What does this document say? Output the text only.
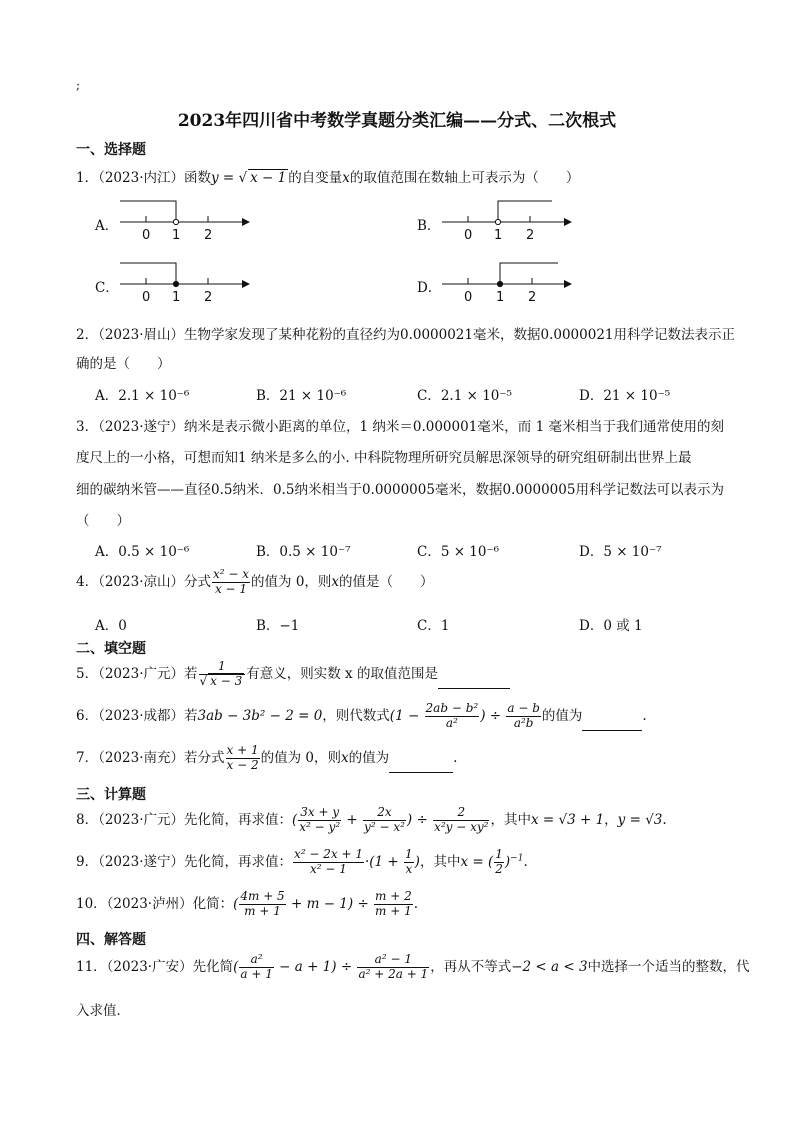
;
2023年四川省中考数学真题分类汇编——分式、二次根式
一、选择题
1．（2023·内江）函数y = √ x − 1 的自变量x的取值范围在数轴上可表示为（　　）
A．
0 1 2
B．
0 1 2
C．
0 1 2
D．
0 1 2
2．（2023·眉山）生物学家发现了某种花粉的直径约为0.0000021毫米，数据0.0000021用科学记数法表示正
确的是（　　）
A．2.1 × 10⁻⁶	B．21 × 10⁻⁶	C．2.1 × 10⁻⁵	D．21 × 10⁻⁵
3．（2023·遂宁）纳米是表示微小距离的单位，1 纳米＝0.000001毫米，而 1 毫米相当于我们通常使用的刻
度尺上的一小格，可想而知1 纳米是多么的小. 中科院物理所研究员解思深领导的研究组研制出世界上最
细的碳纳米管——直径0.5纳米．0.5纳米相当于0.0000005毫米，数据0.0000005用科学记数法可以表示为
（　　）
A．0.5 × 10⁻⁶	B．0.5 × 10⁻⁷	C．5 × 10⁻⁶	D．5 × 10⁻⁷
4．（2023·凉山）分式 $\frac{\text{x² − x}}{x - 1}$ 的值为 0，则x的值是（　　）
A．0	B．−1	C．1	D．0 或 1
二、填空题
5．（2023·广元）若 $\frac{1}{√ x - 3}$ 有意义，则实数 x 的取值范围是
6．（2023·成都）若3ab − 3b² − 2 = 0，则代数式($1 - \frac{\text{2ab − b²}}{\text{a²}}$ ) ÷ $\frac{a - b}{\text{a²b}}$ 的值为	.
7．（2023·南充）若分式 $\frac{x + 1}{x - 2}$ 的值为 0，则x的值为	.
三、计算题
8．（2023·广元）先化简，再求值：( $\frac{3x + y}{\text{x² − y²}} + \frac{2x}{\text{y² − x²}}$ ) ÷ $\frac{2}{\text{x²y − xy²}}$ ，其中x = √3 + 1，y = √3.
9．（2023·遂宁）先化简，再求值： $\frac{\text{x² − 2x + 1}}{\text{x² − 1}} \cdot(1 + \frac{1}{x}$ )，其中x = ( $\frac{1}{2} )^{-1}$.
10．（2023·泸州）化简：( $\frac{4m + 5}{m + 1} + m - 1) \div \frac{m + 2}{m + 1}$ .
四、解答题
11．（2023·广安）先化简( $\frac{\text{a²}}{a + 1} - a + 1) \div \frac{\text{a² − 1}}{\text{a² + 2a + 1}}$ ，再从不等式−2 < a < 3中选择一个适当的整数，代
入求值．
